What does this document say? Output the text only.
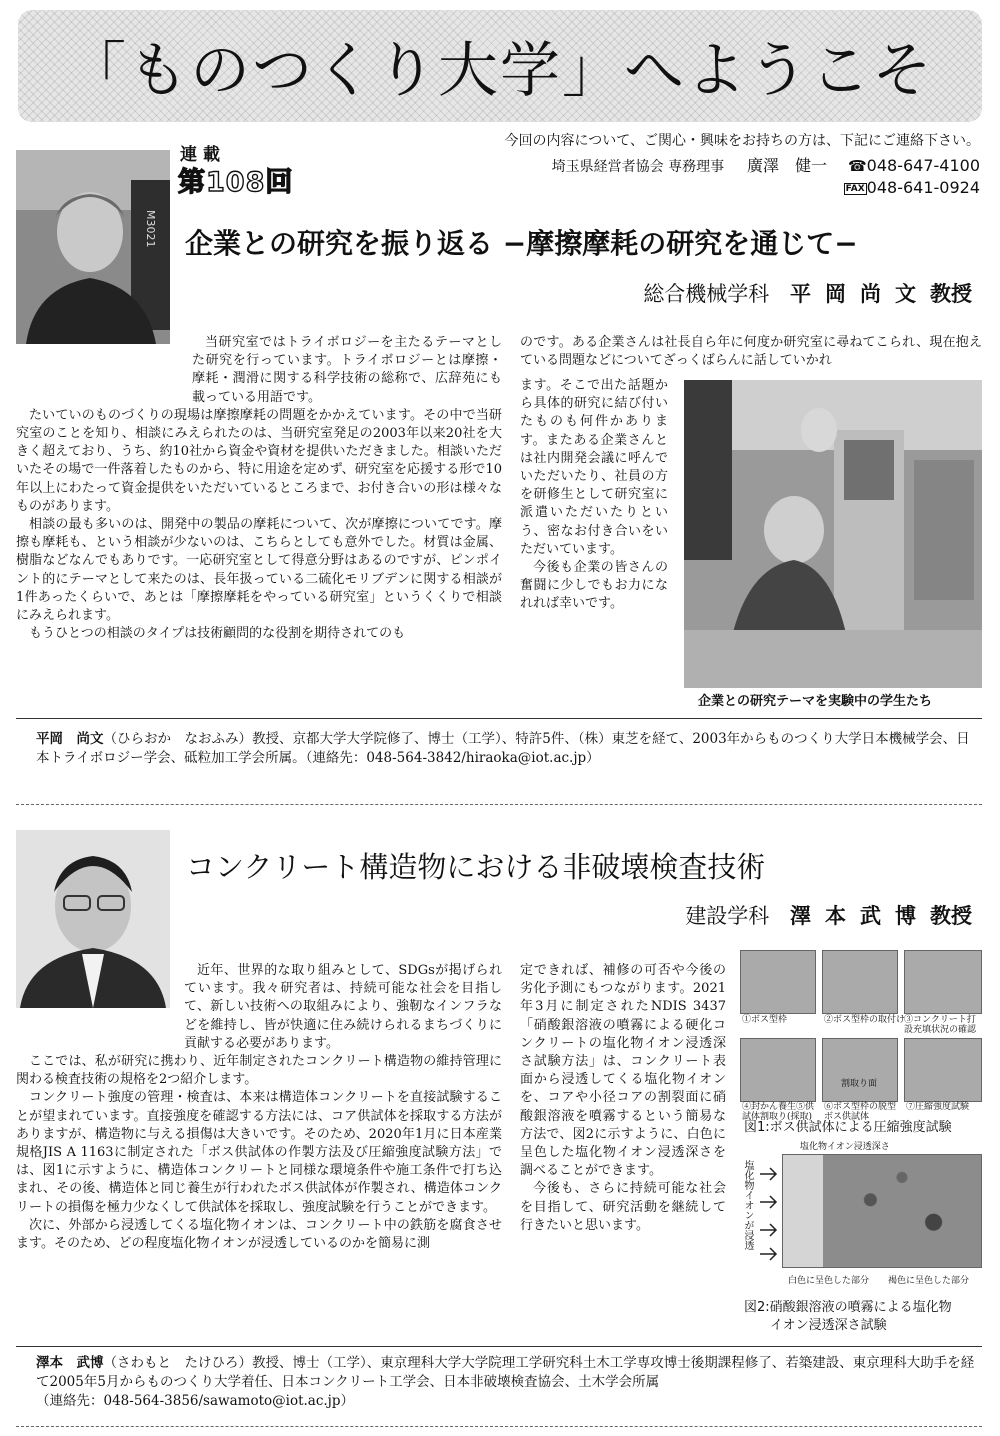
「ものつくり大学」へようこそ
連載
第108回
今回の内容について、ご関心・興味をお持ちの方は、下記にご連絡下さい。
埼玉県経営者協会 専務理事 廣澤　健一 ☎048-647-4100
FAX 048-641-0924
M3021 企業との研究を振り返る −摩擦摩耗の研究を通じて−
総合機械学科 平岡尚文教授

当研究室ではトライボロジーを主たるテーマとした研究を行っています。トライボロジーとは摩擦・摩耗・潤滑に関する科学技術の総称で、広辞苑にも載っている用語です。

たいていのものづくりの現場は摩擦摩耗の問題をかかえています。その中で当研究室のことを知り、相談にみえられたのは、当研究室発足の2003年以来20社を大きく超えており、うち、約10社から資金や資材を提供いただきました。相談いただいたその場で一件落着したものから、特に用途を定めず、研究室を応援する形で10年以上にわたって資金提供をいただいているところまで、お付き合いの形は様々なものがあります。

相談の最も多いのは、開発中の製品の摩耗について、次が摩擦についてです。摩擦も摩耗も、という相談が少ないのは、こちらとしても意外でした。材質は金属、樹脂などなんでもありです。一応研究室として得意分野はあるのですが、ピンポイント的にテーマとして来たのは、長年扱っている二硫化モリブデンに関する相談が1件あったくらいで、あとは「摩擦摩耗をやっている研究室」というくくりで相談にみえられます。

もうひとつの相談のタイプは技術顧問的な役割を期待されてのも

のです。ある企業さんは社長自ら年に何度か研究室に尋ねてこられ、現在抱えている問題などについてざっくばらんに話していかれ

ます。そこで出た話題から具体的研究に結び付いたものも何件かあります。またある企業さんとは社内開発会議に呼んでいただいたり、社員の方を研修生として研究室に派遣いただいたりという、密なお付き合いをいただいています。

今後も企業の皆さんの奮闘に少しでもお力になれれば幸いです。

企業との研究テーマを実験中の学生たち
平岡　尚文（ひらおか　なおふみ）教授、京都大学大学院修了、博士（工学）、特許5件、（株）東芝を経て、2003年からものつくり大学日本機械学会、日本トライボロジー学会、砥粒加工学会所属。（連絡先：048-564-3842/hiraoka@iot.ac.jp）
コンクリート構造物における非破壊検査技術
建設学科 澤本武博教授

近年、世界的な取り組みとして、SDGsが掲げられています。我々研究者は、持続可能な社会を目指して、新しい技術への取組みにより、強靭なインフラなどを維持し、皆が快適に住み続けられるまちづくりに貢献する必要があります。

ここでは、私が研究に携わり、近年制定されたコンクリート構造物の維持管理に関わる検査技術の規格を2つ紹介します。

コンクリート強度の管理・検査は、本来は構造体コンクリートを直接試験することが望まれています。直接強度を確認する方法には、コア供試体を採取する方法がありますが、構造物に与える損傷は大きいです。そのため、2020年1月に日本産業規格JIS A 1163に制定された「ボス供試体の作製方法及び圧縮強度試験方法」では、図1に示すように、構造体コンクリートと同様な環境条件や施工条件で打ち込まれ、その後、構造体と同じ養生が行われたボス供試体が作製され、構造体コンクリートの損傷を極力少なくして供試体を採取し、強度試験を行うことができます。

次に、外部から浸透してくる塩化物イオンは、コンクリート中の鉄筋を腐食させます。そのため、どの程度塩化物イオンが浸透しているのかを簡易に測

定できれば、補修の可否や今後の劣化予測にもつながります。2021年3月に制定されたNDIS 3437「硝酸銀溶液の噴霧による硬化コンクリートの塩化物イオン浸透深さ試験方法」は、コンクリート表面から浸透してくる塩化物イオンを、コアや小径コアの割裂面に硝酸銀溶液を噴霧するという簡易な方法で、図2に示すように、白色に呈色した塩化物イオン浸透深さを調べることができます。

今後も、さらに持続可能な社会を目指して、研究活動を継続して行きたいと思います。

①ボス型枠	②ボス型枠の取付け
③コンクリート打設充填状況の確認
割取り面
④封かん養生⑤供試体割取り(採取)
⑥ボス型枠の脱型ボス供試体
⑦圧縮強度試験
図1:ボス供試体による圧縮強度試験
塩化物イオン浸透深さ
塩化物イオンが浸透
白色に呈色した部分 褐色に呈色した部分
図2:硝酸銀溶液の噴霧による塩化物
イオン浸透深さ試験
澤本　武博（さわもと　たけひろ）教授、博士（工学）、東京理科大学大学院理工学研究科土木工学専攻博士後期課程修了、若築建設、東京理科大助手を経て2005年5月からものつくり大学着任、日本コンクリート工学会、日本非破壊検査協会、土木学会所属
（連絡先：048-564-3856/sawamoto@iot.ac.jp）
